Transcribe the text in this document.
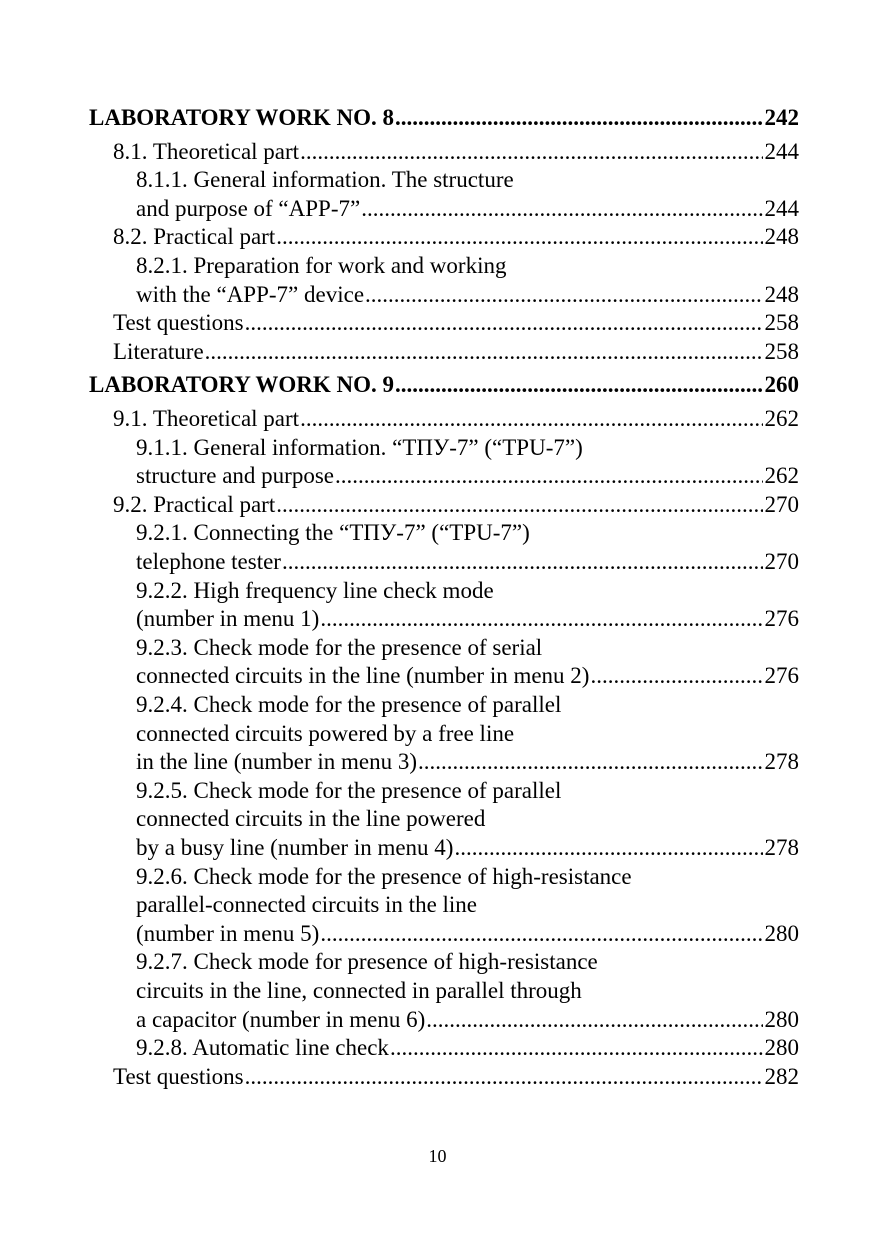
LABORATORY WORK NO. 8 .....	242
8.1. Theoretical part .....	244
8.1.1. General information. The structure
and purpose of “APP-7” .....	244
8.2. Practical part .....	248
8.2.1. Preparation for work and working
with the “APP-7” device .....	248
Test questions .....	258
Literature .....	258
LABORATORY WORK NO. 9 .....	260
9.1. Theoretical part .....	262
9.1.1. General information. “ТПУ-7” (“TPU-7”)
structure and purpose .....	262
9.2. Practical part .....	270
9.2.1. Connecting the “ТПУ-7” (“TPU-7”)
telephone tester .....	270
9.2.2. High frequency line check mode
(number in menu 1) .....	276
9.2.3. Check mode for the presence of serial
connected circuits in the line (number in menu 2) .....	276
9.2.4. Check mode for the presence of parallel
connected circuits powered by a free line
in the line (number in menu 3) .....	278
9.2.5. Check mode for the presence of parallel
connected circuits in the line powered
by a busy line (number in menu 4) .....	278
9.2.6. Check mode for the presence of high-resistance
parallel-connected circuits in the line
(number in menu 5) .....	280
9.2.7. Check mode for presence of high-resistance
circuits in the line, connected in parallel through
a capacitor (number in menu 6) .....	280
9.2.8. Automatic line check .....	280
Test questions .....	282
10
